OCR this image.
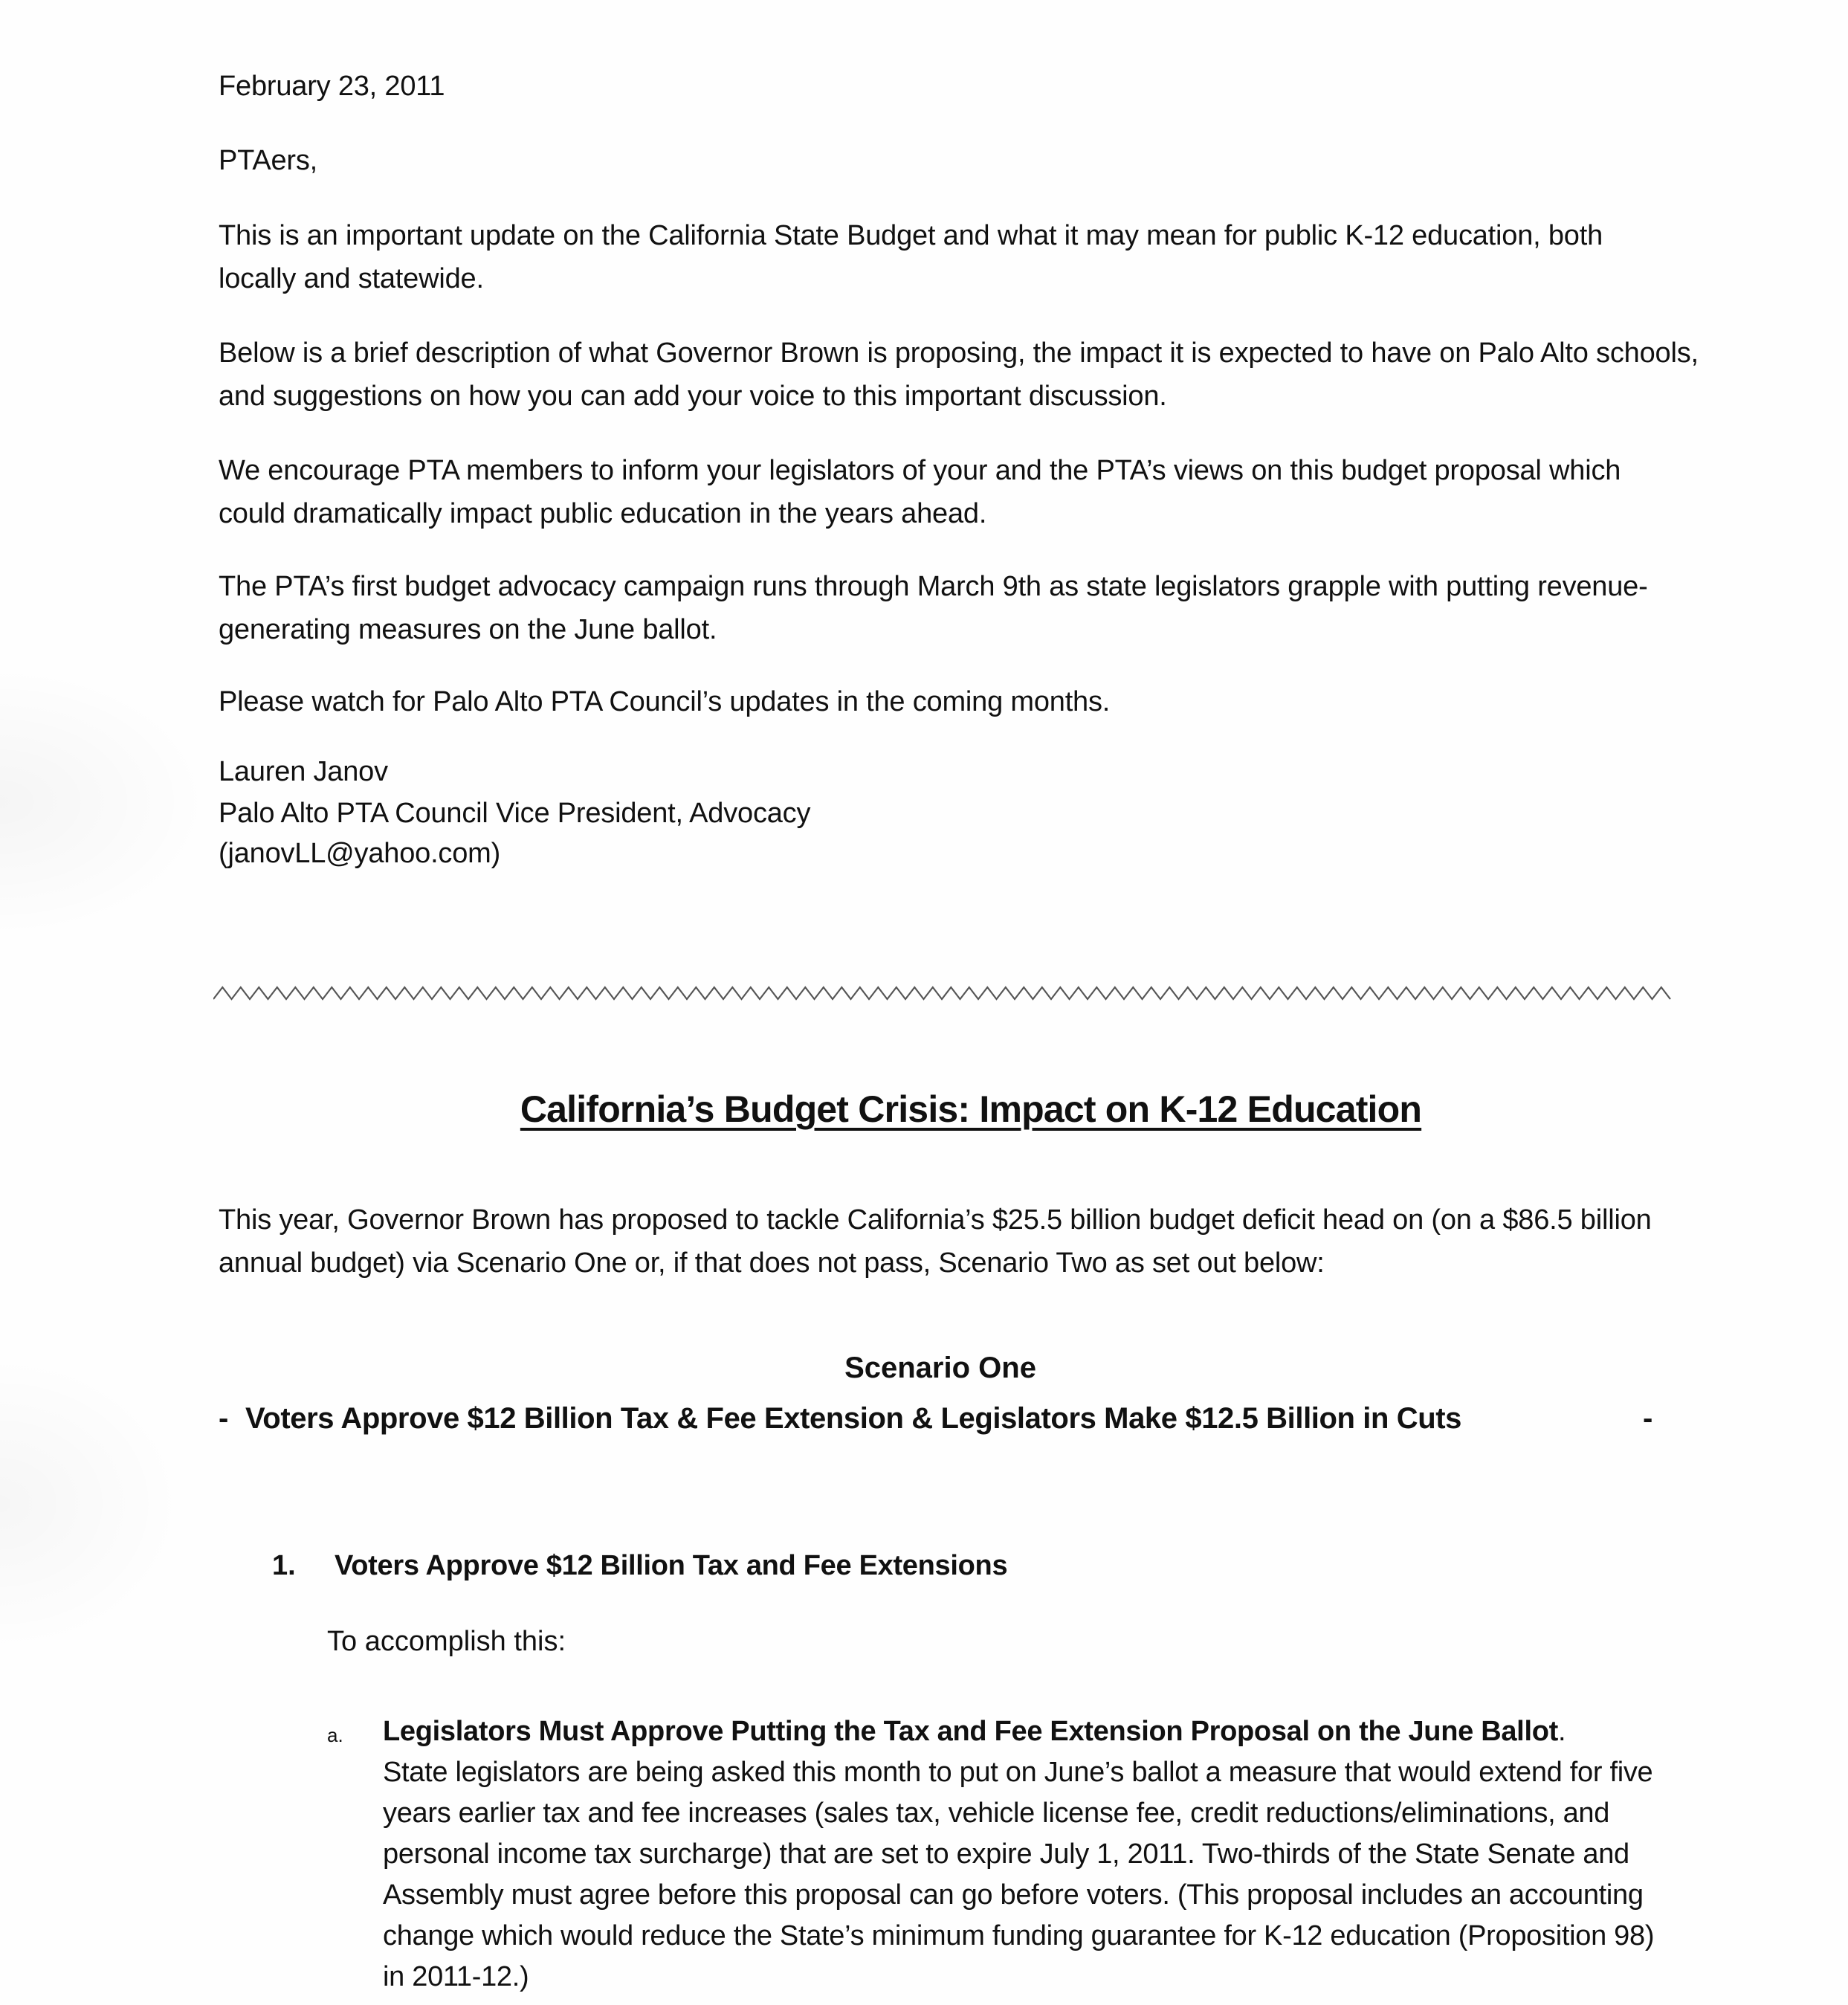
February 23, 2011

PTAers,

This is an important update on the California State Budget and what it may mean for public K-12 education, both locally and statewide.

Below is a brief description of what Governor Brown is proposing, the impact it is expected to have on Palo Alto schools, and suggestions on how you can add your voice to this important discussion.

We encourage PTA members to inform your legislators of your and the PTA’s views on this budget proposal which could dramatically impact public education in the years ahead.

The PTA’s first budget advocacy campaign runs through March 9th as state legislators grapple with putting revenue-generating measures on the June ballot.

Please watch for Palo Alto PTA Council’s updates in the coming months.

Lauren Janov

Palo Alto PTA Council Vice President, Advocacy

(janovLL@yahoo.com)

California’s Budget Crisis: Impact on K-12 Education

This year, Governor Brown has proposed to tackle California’s $25.5 billion budget deficit head on (on a $86.5 billion annual budget) via Scenario One or, if that does not pass, Scenario Two as set out below:

Scenario One

- Voters Approve $12 Billion Tax & Fee Extension & Legislators Make $12.5 Billion in Cuts	-
1. Voters Approve $12 Billion Tax and Fee Extensions
To accomplish this:
a. Legislators Must Approve Putting the Tax and Fee Extension Proposal on the June Ballot.
State legislators are being asked this month to put on June’s ballot a measure that would extend for five years earlier tax and fee increases (sales tax, vehicle license fee, credit reductions/eliminations, and personal income tax surcharge) that are set to expire July 1, 2011. Two-thirds of the State Senate and Assembly must agree before this proposal can go before voters. (This proposal includes an accounting change which would reduce the State’s minimum funding guarantee for K-12 education (Proposition 98) in 2011-12.)
